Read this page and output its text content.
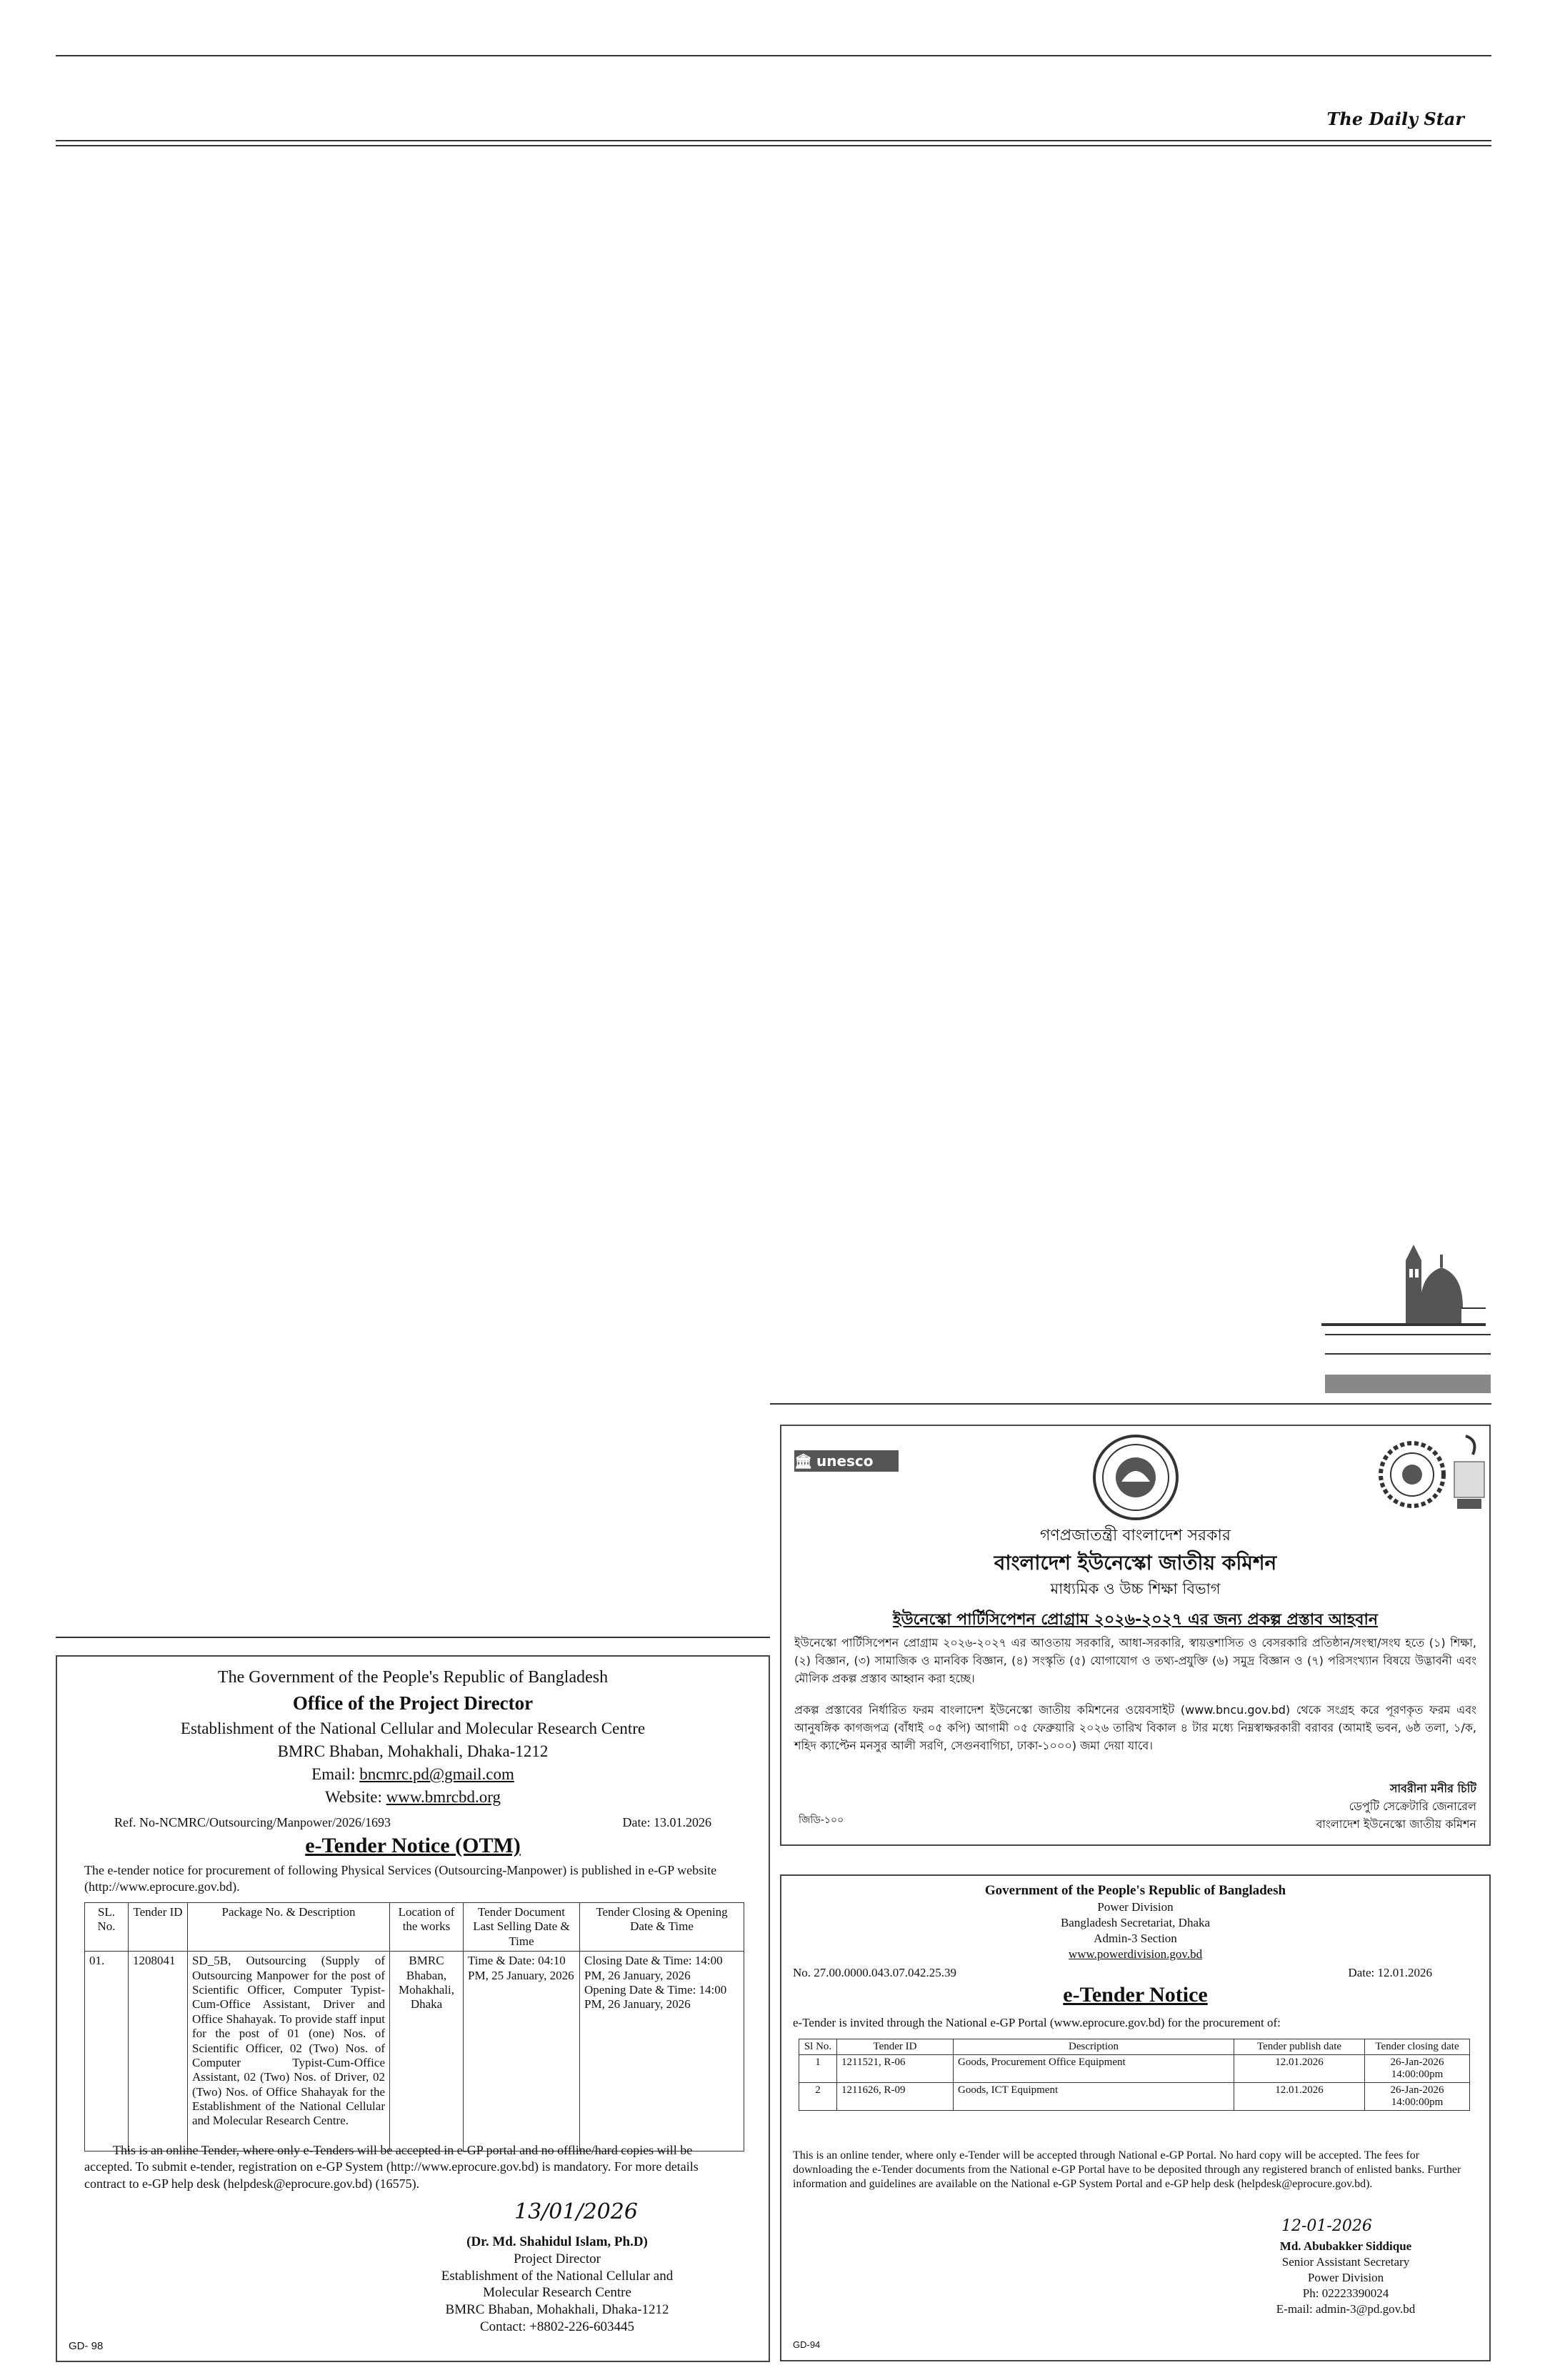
The Daily Star
The Government of the People's Republic of Bangladesh
Office of the Project Director
Establishment of the National Cellular and Molecular Research Centre
BMRC Bhaban, Mohakhali, Dhaka-1212
Email: bncmrc.pd@gmail.com
Website: www.bmrcbd.org
Ref. No-NCMRC/Outsourcing/Manpower/2026/1693	Date: 13.01.2026
e-Tender Notice (OTM)
The e-tender notice for procurement of following Physical Services (Outsourcing-Manpower) is published in e-GP website (http://www.eprocure.gov.bd).
SL. No.	Tender ID	Package No. & Description	Location of the works	Tender Document Last Selling Date & Time	Tender Closing & Opening Date & Time
01.	1208041	SD_5B, Outsourcing (Supply of Outsourcing Manpower for the post of Scientific Officer, Computer Typist-Cum-Office Assistant, Driver and Office Shahayak. To provide staff input for the post of 01 (one) Nos. of Scientific Officer, 02 (Two) Nos. of Computer Typist-Cum-Office Assistant, 02 (Two) Nos. of Driver, 02 (Two) Nos. of Office Shahayak for the Establishment of the National Cellular and Molecular Research Centre.	BMRC Bhaban, Mohakhali, Dhaka	Time & Date: 04:10 PM, 25 January, 2026	Closing Date & Time: 14:00 PM, 26 January, 2026
Opening Date & Time: 14:00 PM, 26 January, 2026
This is an online Tender, where only e-Tenders will be accepted in e-GP portal and no offline/hard copies will be accepted. To submit e-tender, registration on e-GP System (http://www.eprocure.gov.bd) is mandatory. For more details contract to e-GP help desk (helpdesk@eprocure.gov.bd) (16575).
13/01/2026
(Dr. Md. Shahidul Islam, Ph.D)
Project Director
Establishment of the National Cellular and
Molecular Research Centre
BMRC Bhaban, Mohakhali, Dhaka-1212
Contact: +8802-226-603445
GD- 98
🏛︎ unesco
গণপ্রজাতন্ত্রী বাংলাদেশ সরকার
বাংলাদেশ ইউনেস্কো জাতীয় কমিশন
মাধ্যমিক ও উচ্চ শিক্ষা বিভাগ
ইউনেস্কো পার্টিসিপেশন প্রোগ্রাম ২০২৬-২০২৭ এর জন্য প্রকল্প প্রস্তাব আহবান
ইউনেস্কো পার্টিসিপেশন প্রোগ্রাম ২০২৬-২০২৭ এর আওতায় সরকারি, আধা-সরকারি, স্বায়ত্তশাসিত ও বেসরকারি প্রতিষ্ঠান/সংস্থা/সংঘ হতে (১) শিক্ষা, (২) বিজ্ঞান, (৩) সামাজিক ও মানবিক বিজ্ঞান, (৪) সংস্কৃতি (৫) যোগাযোগ ও তথ্য-প্রযুক্তি (৬) সমুদ্র বিজ্ঞান ও (৭) পরিসংখ্যান বিষয়ে উদ্ভাবনী এবং মৌলিক প্রকল্প প্রস্তাব আহ্বান করা হচ্ছে।
প্রকল্প প্রস্তাবের নির্ধারিত ফরম বাংলাদেশ ইউনেস্কো জাতীয় কমিশনের ওয়েবসাইট (www.bncu.gov.bd) থেকে সংগ্রহ করে পূরণকৃত ফরম এবং আনুষঙ্গিক কাগজপত্র (বাঁধাই ০৫ কপি) আগামী ০৫ ফেব্রুয়ারি ২০২৬ তারিখ বিকাল ৪ টার মধ্যে নিম্নস্বাক্ষরকারী বরাবর (আমাই ভবন, ৬ষ্ঠ তলা, ১/ক, শহিদ ক্যাপ্টেন মনসুর আলী সরণি, সেগুনবাগিচা, ঢাকা-১০০০) জমা দেয়া যাবে।
সাবরীনা মনীর চিটি
ডেপুটি সেক্রেটারি জেনারেল
বাংলাদেশ ইউনেস্কো জাতীয় কমিশন
জিডি-১০০
Government of the People's Republic of Bangladesh
Power Division
Bangladesh Secretariat, Dhaka
Admin-3 Section
www.powerdivision.gov.bd
No. 27.00.0000.043.07.042.25.39	Date: 12.01.2026
e-Tender Notice
e-Tender is invited through the National e-GP Portal (www.eprocure.gov.bd) for the procurement of:
Sl No.	Tender ID	Description	Tender publish date	Tender closing date
1	1211521, R-06	Goods, Procurement Office Equipment	12.01.2026	26-Jan-2026 14:00:00pm
2	1211626, R-09	Goods, ICT Equipment	12.01.2026	26-Jan-2026 14:00:00pm
This is an online tender, where only e-Tender will be accepted through National e-GP Portal. No hard copy will be accepted. The fees for downloading the e-Tender documents from the National e-GP Portal have to be deposited through any registered branch of enlisted banks. Further information and guidelines are available on the National e-GP System Portal and e-GP help desk (helpdesk@eprocure.gov.bd).
12-01-2026
Md. Abubakker Siddique
Senior Assistant Secretary
Power Division
Ph: 02223390024
E-mail: admin-3@pd.gov.bd
GD-94
